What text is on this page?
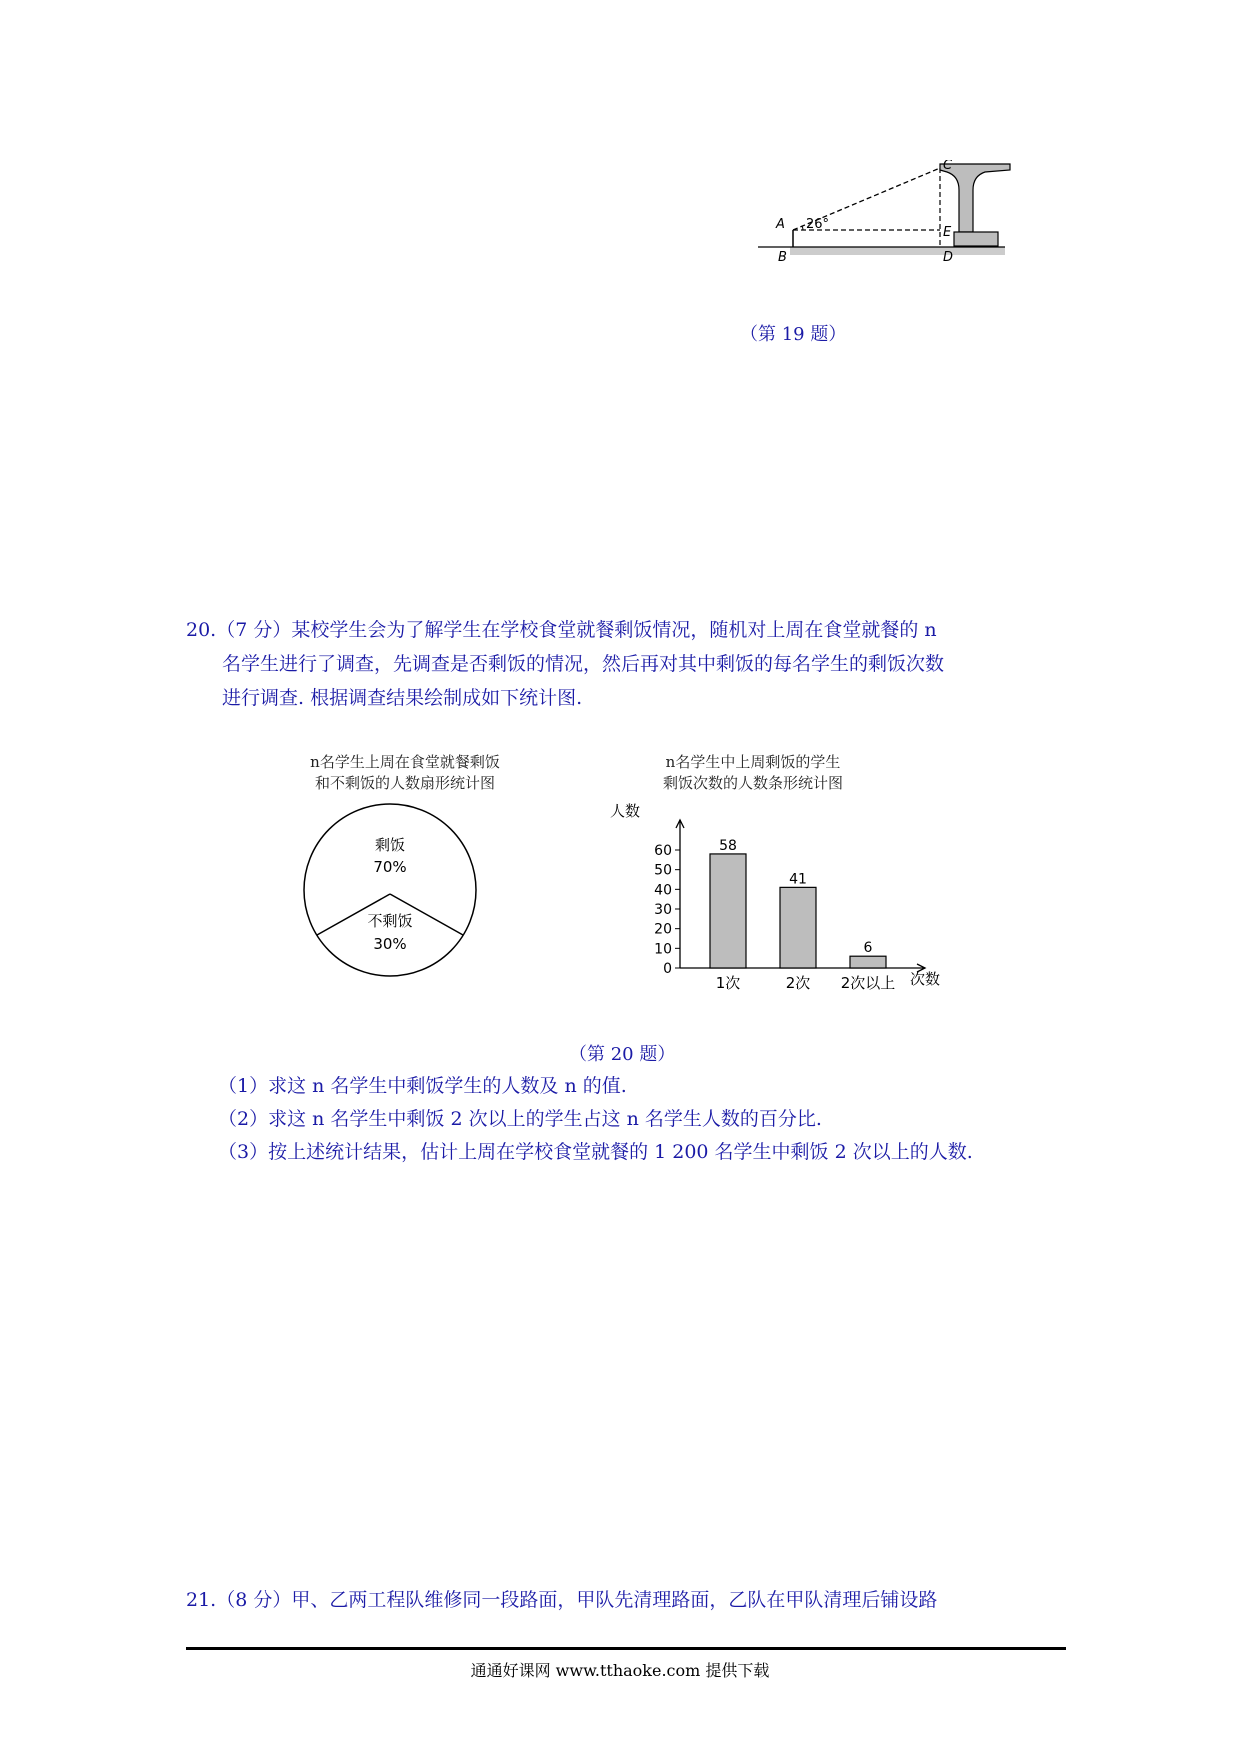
C
A 26°
E
B	D
（第 19 题）
20.（7 分）某校学生会为了解学生在学校食堂就餐剩饭情况，随机对上周在食堂就餐的 n
名学生进行了调查，先调查是否剩饭的情况，然后再对其中剩饭的每名学生的剩饭次数
进行调查. 根据调查结果绘制成如下统计图.
n名学生上周在食堂就餐剩饭
和不剩饭的人数扇形统计图
剩饭
70%
不剩饭
30%
n名学生中上周剩饭的学生
剩饭次数的人数条形统计图
人数
0
10
20
30
40
50
60	58
1次
41
2次
6
2次以上 次数
（第 20 题）
（1）求这 n 名学生中剩饭学生的人数及 n 的值.
（2）求这 n 名学生中剩饭 2 次以上的学生占这 n 名学生人数的百分比.
（3）按上述统计结果，估计上周在学校食堂就餐的 1 200 名学生中剩饭 2 次以上的人数.
21.（8 分）甲、乙两工程队维修同一段路面，甲队先清理路面，乙队在甲队清理后铺设路
通通好课网 www.tthaoke.com 提供下载
